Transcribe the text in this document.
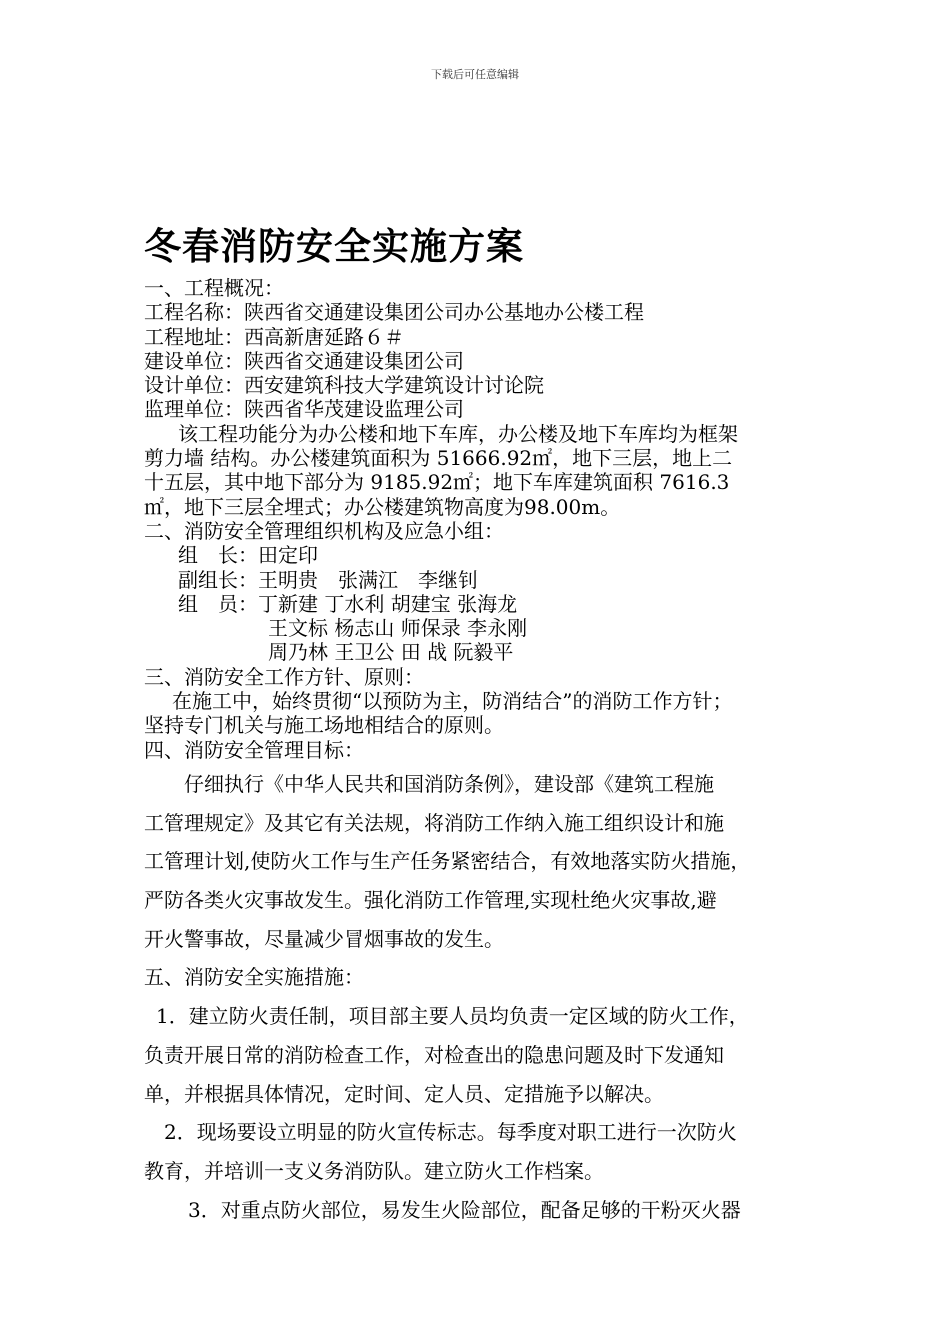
下载后可任意编辑
冬春消防安全实施方案
一、工程概况：
工程名称：陕西省交通建设集团公司办公基地办公楼工程
工程地址：西高新唐延路６＃
建设单位：陕西省交通建设集团公司
设计单位：西安建筑科技大学建筑设计讨论院
监理单位：陕西省华茂建设监理公司
该工程功能分为办公楼和地下车库，办公楼及地下车库均为框架
剪力墙 结构。办公楼建筑面积为 51666.92㎡，地下三层，地上二
十五层，其中地下部分为 9185.92㎡；地下车库建筑面积 7616.3
㎡，地下三层全埋式；办公楼建筑物高度为98.00m。
二、消防安全管理组织机构及应急小组：
组　长：田定印
副组长：王明贵　张满江　李继钊
组　员：丁新建 丁水利 胡建宝 张海龙
王文标 杨志山 师保录 李永刚
周乃林 王卫公 田 战 阮毅平
三、消防安全工作方针、原则：
在施工中，始终贯彻“以预防为主，防消结合”的消防工作方针；
坚持专门机关与施工场地相结合的原则。
四、消防安全管理目标：
仔细执行《中华人民共和国消防条例》，建设部《建筑工程施
工管理规定》及其它有关法规，将消防工作纳入施工组织设计和施
工管理计划,使防火工作与生产任务紧密结合，有效地落实防火措施，
严防各类火灾事故发生。强化消防工作管理,实现杜绝火灾事故,避
开火警事故，尽量减少冒烟事故的发生。
五、消防安全实施措施：
1．建立防火责任制，项目部主要人员均负责一定区域的防火工作，
负责开展日常的消防检查工作，对检查出的隐患问题及时下发通知
单，并根据具体情况，定时间、定人员、定措施予以解决。
2．现场要设立明显的防火宣传标志。每季度对职工进行一次防火
教育，并培训一支义务消防队。建立防火工作档案。
3．对重点防火部位，易发生火险部位，配备足够的干粉灭火器
